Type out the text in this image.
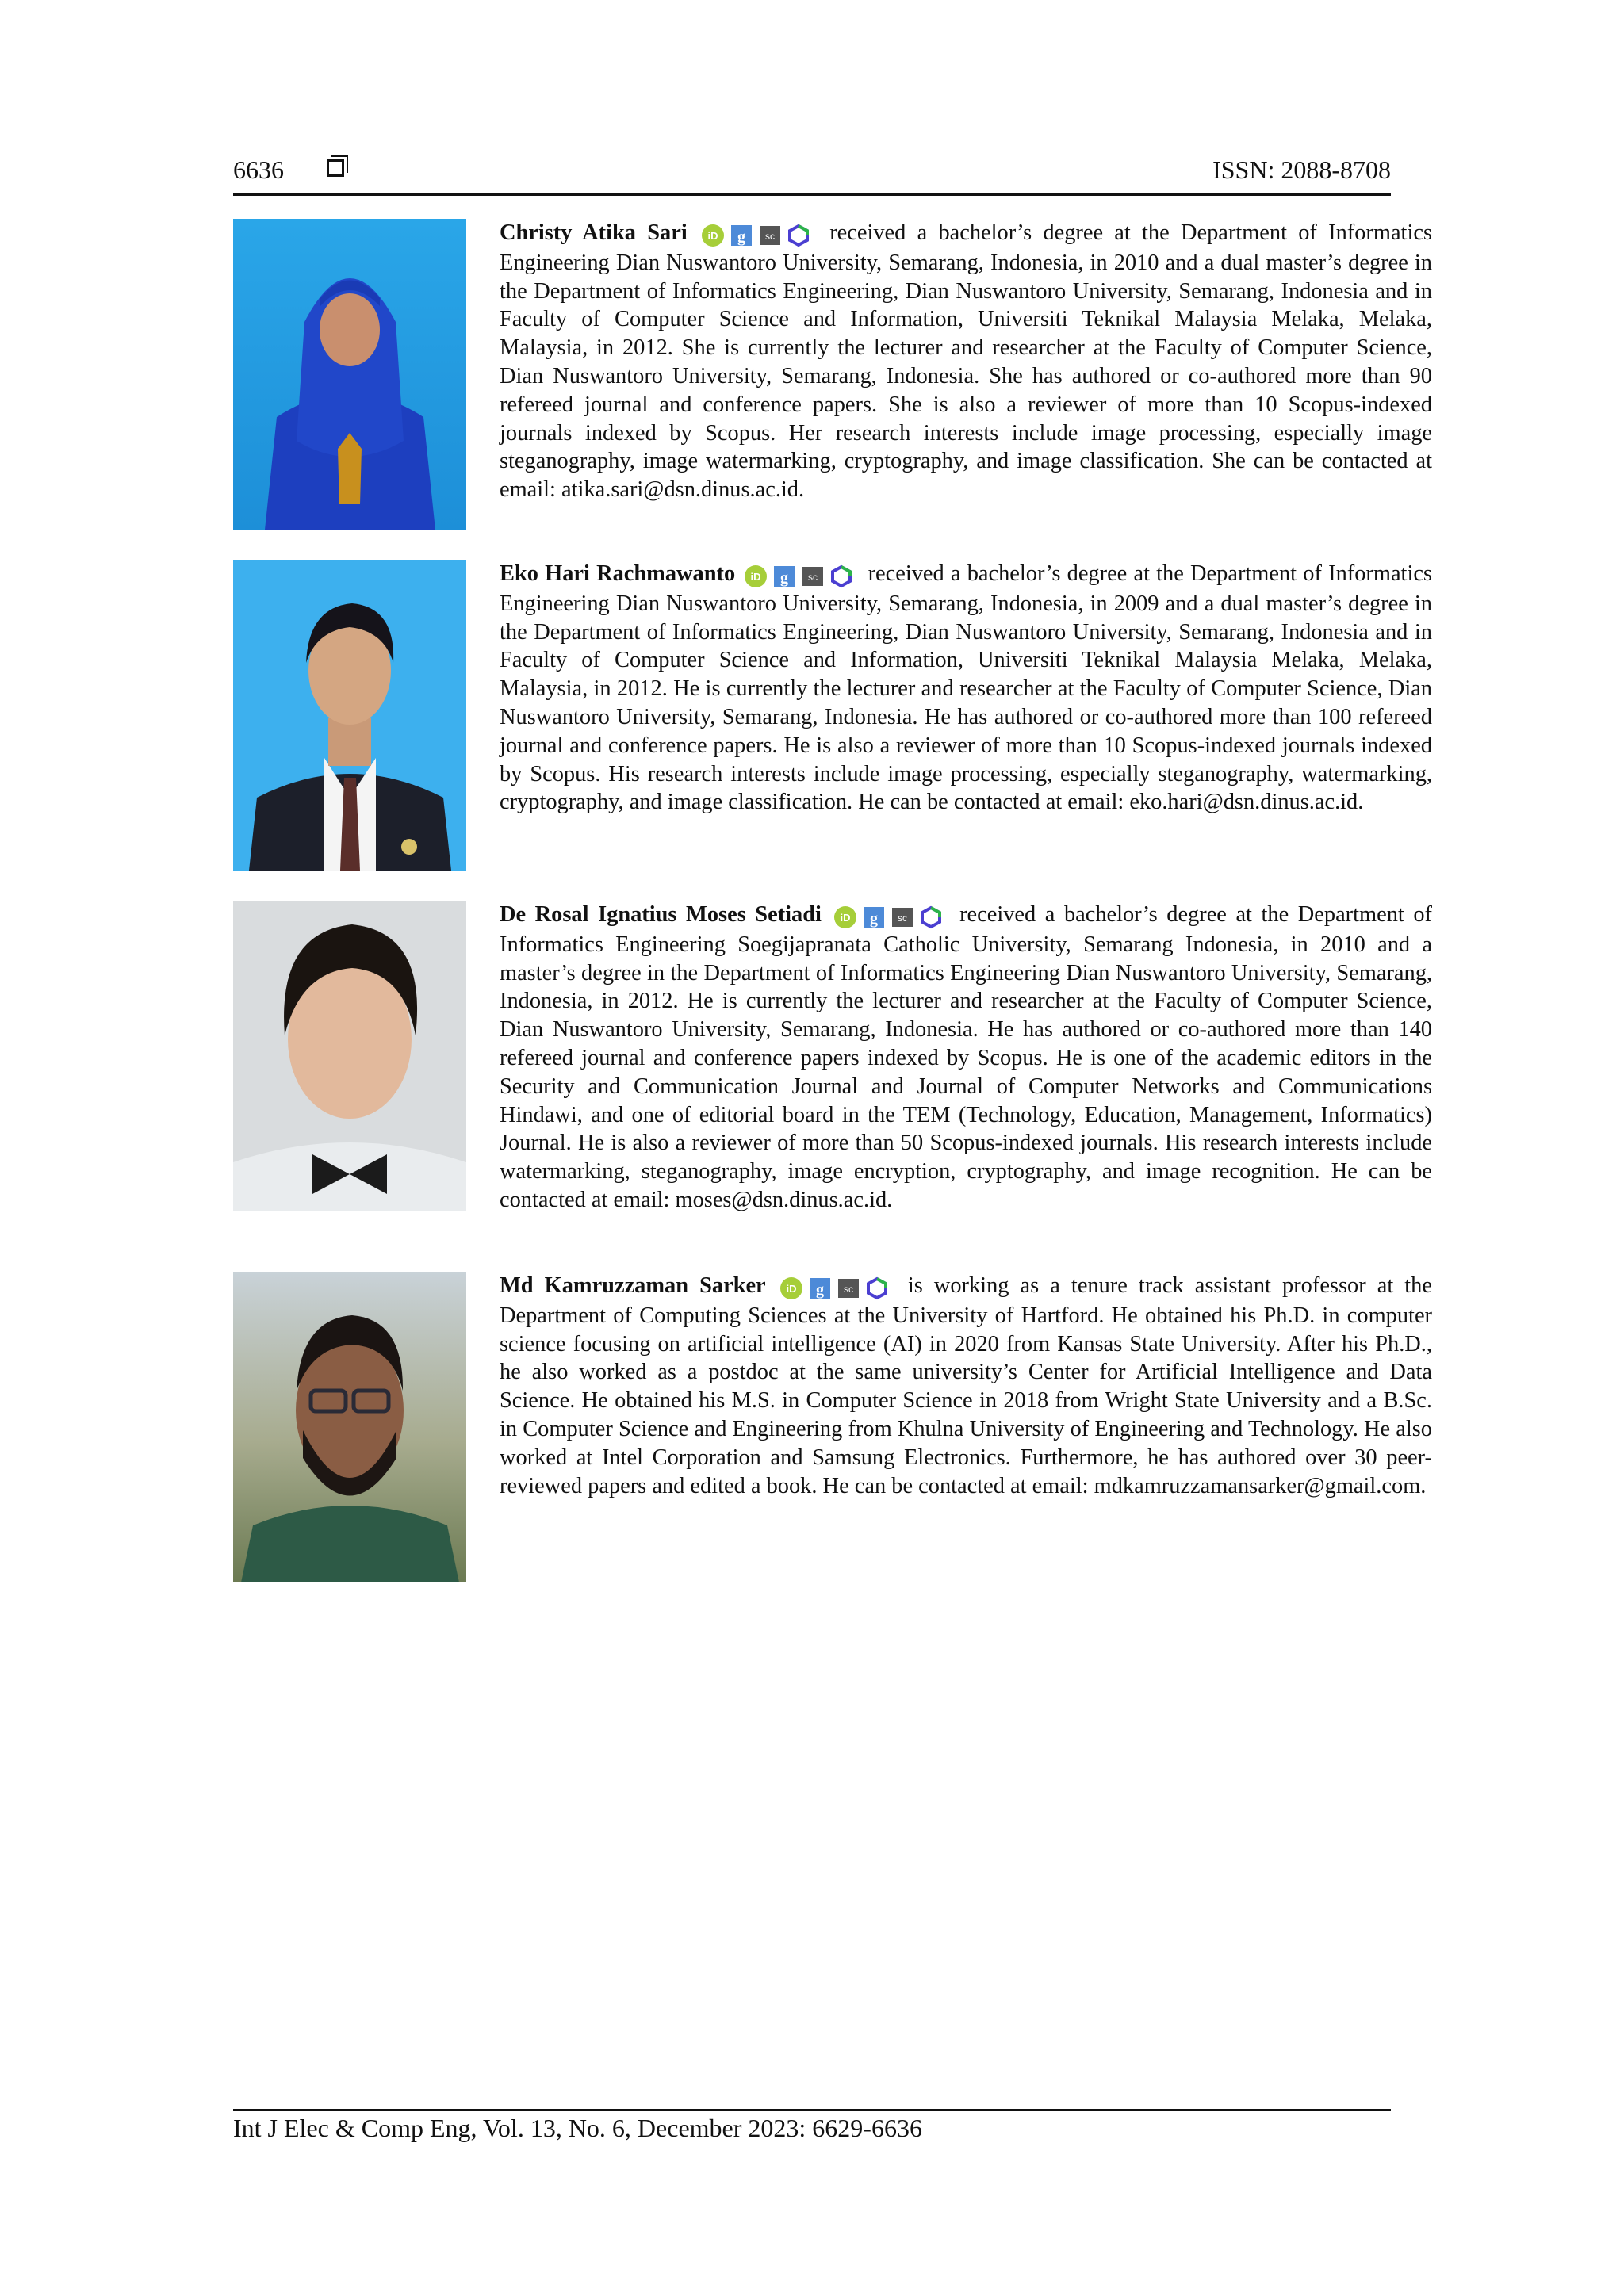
6636	ISSN: 2088-8708
Christy Atika Sari iD g sc received a bachelor’s degree at the Department of Informatics Engineering Dian Nuswantoro University, Semarang, Indonesia, in 2010 and a dual master’s degree in the Department of Informatics Engineering, Dian Nuswantoro University, Semarang, Indonesia and in Faculty of Computer Science and Information, Universiti Teknikal Malaysia Melaka, Melaka, Malaysia, in 2012. She is currently the lecturer and researcher at the Faculty of Computer Science, Dian Nuswantoro University, Semarang, Indonesia. She has authored or co-authored more than 90 refereed journal and conference papers. She is also a reviewer of more than 10 Scopus-indexed journals indexed by Scopus. Her research interests include image processing, especially image steganography, image watermarking, cryptography, and image classification. She can be contacted at email: atika.sari@dsn.dinus.ac.id.
Eko Hari Rachmawanto iD g sc received a bachelor’s degree at the Department of Informatics Engineering Dian Nuswantoro University, Semarang, Indonesia, in 2009 and a dual master’s degree in the Department of Informatics Engineering, Dian Nuswantoro University, Semarang, Indonesia and in Faculty of Computer Science and Information, Universiti Teknikal Malaysia Melaka, Melaka, Malaysia, in 2012. He is currently the lecturer and researcher at the Faculty of Computer Science, Dian Nuswantoro University, Semarang, Indonesia. He has authored or co-authored more than 100 refereed journal and conference papers. He is also a reviewer of more than 10 Scopus-indexed journals indexed by Scopus. His research interests include image processing, especially steganography, watermarking, cryptography, and image classification. He can be contacted at email: eko.hari@dsn.dinus.ac.id.
De Rosal Ignatius Moses Setiadi iD g sc received a bachelor’s degree at the Department of Informatics Engineering Soegijapranata Catholic University, Semarang Indonesia, in 2010 and a master’s degree in the Department of Informatics Engineering Dian Nuswantoro University, Semarang, Indonesia, in 2012. He is currently the lecturer and researcher at the Faculty of Computer Science, Dian Nuswantoro University, Semarang, Indonesia. He has authored or co-authored more than 140 refereed journal and conference papers indexed by Scopus. He is one of the academic editors in the Security and Communication Journal and Journal of Computer Networks and Communications Hindawi, and one of editorial board in the TEM (Technology, Education, Management, Informatics) Journal. He is also a reviewer of more than 50 Scopus-indexed journals. His research interests include watermarking, steganography, image encryption, cryptography, and image recognition. He can be contacted at email: moses@dsn.dinus.ac.id.
Md Kamruzzaman Sarker iD g sc is working as a tenure track assistant professor at the Department of Computing Sciences at the University of Hartford. He obtained his Ph.D. in computer science focusing on artificial intelligence (AI) in 2020 from Kansas State University. After his Ph.D., he also worked as a postdoc at the same university’s Center for Artificial Intelligence and Data Science. He obtained his M.S. in Computer Science in 2018 from Wright State University and a B.Sc. in Computer Science and Engineering from Khulna University of Engineering and Technology. He also worked at Intel Corporation and Samsung Electronics. Furthermore, he has authored over 30 peer-reviewed papers and edited a book. He can be contacted at email: mdkamruzzamansarker@gmail.com.
Int J Elec & Comp Eng, Vol. 13, No. 6, December 2023: 6629-6636
